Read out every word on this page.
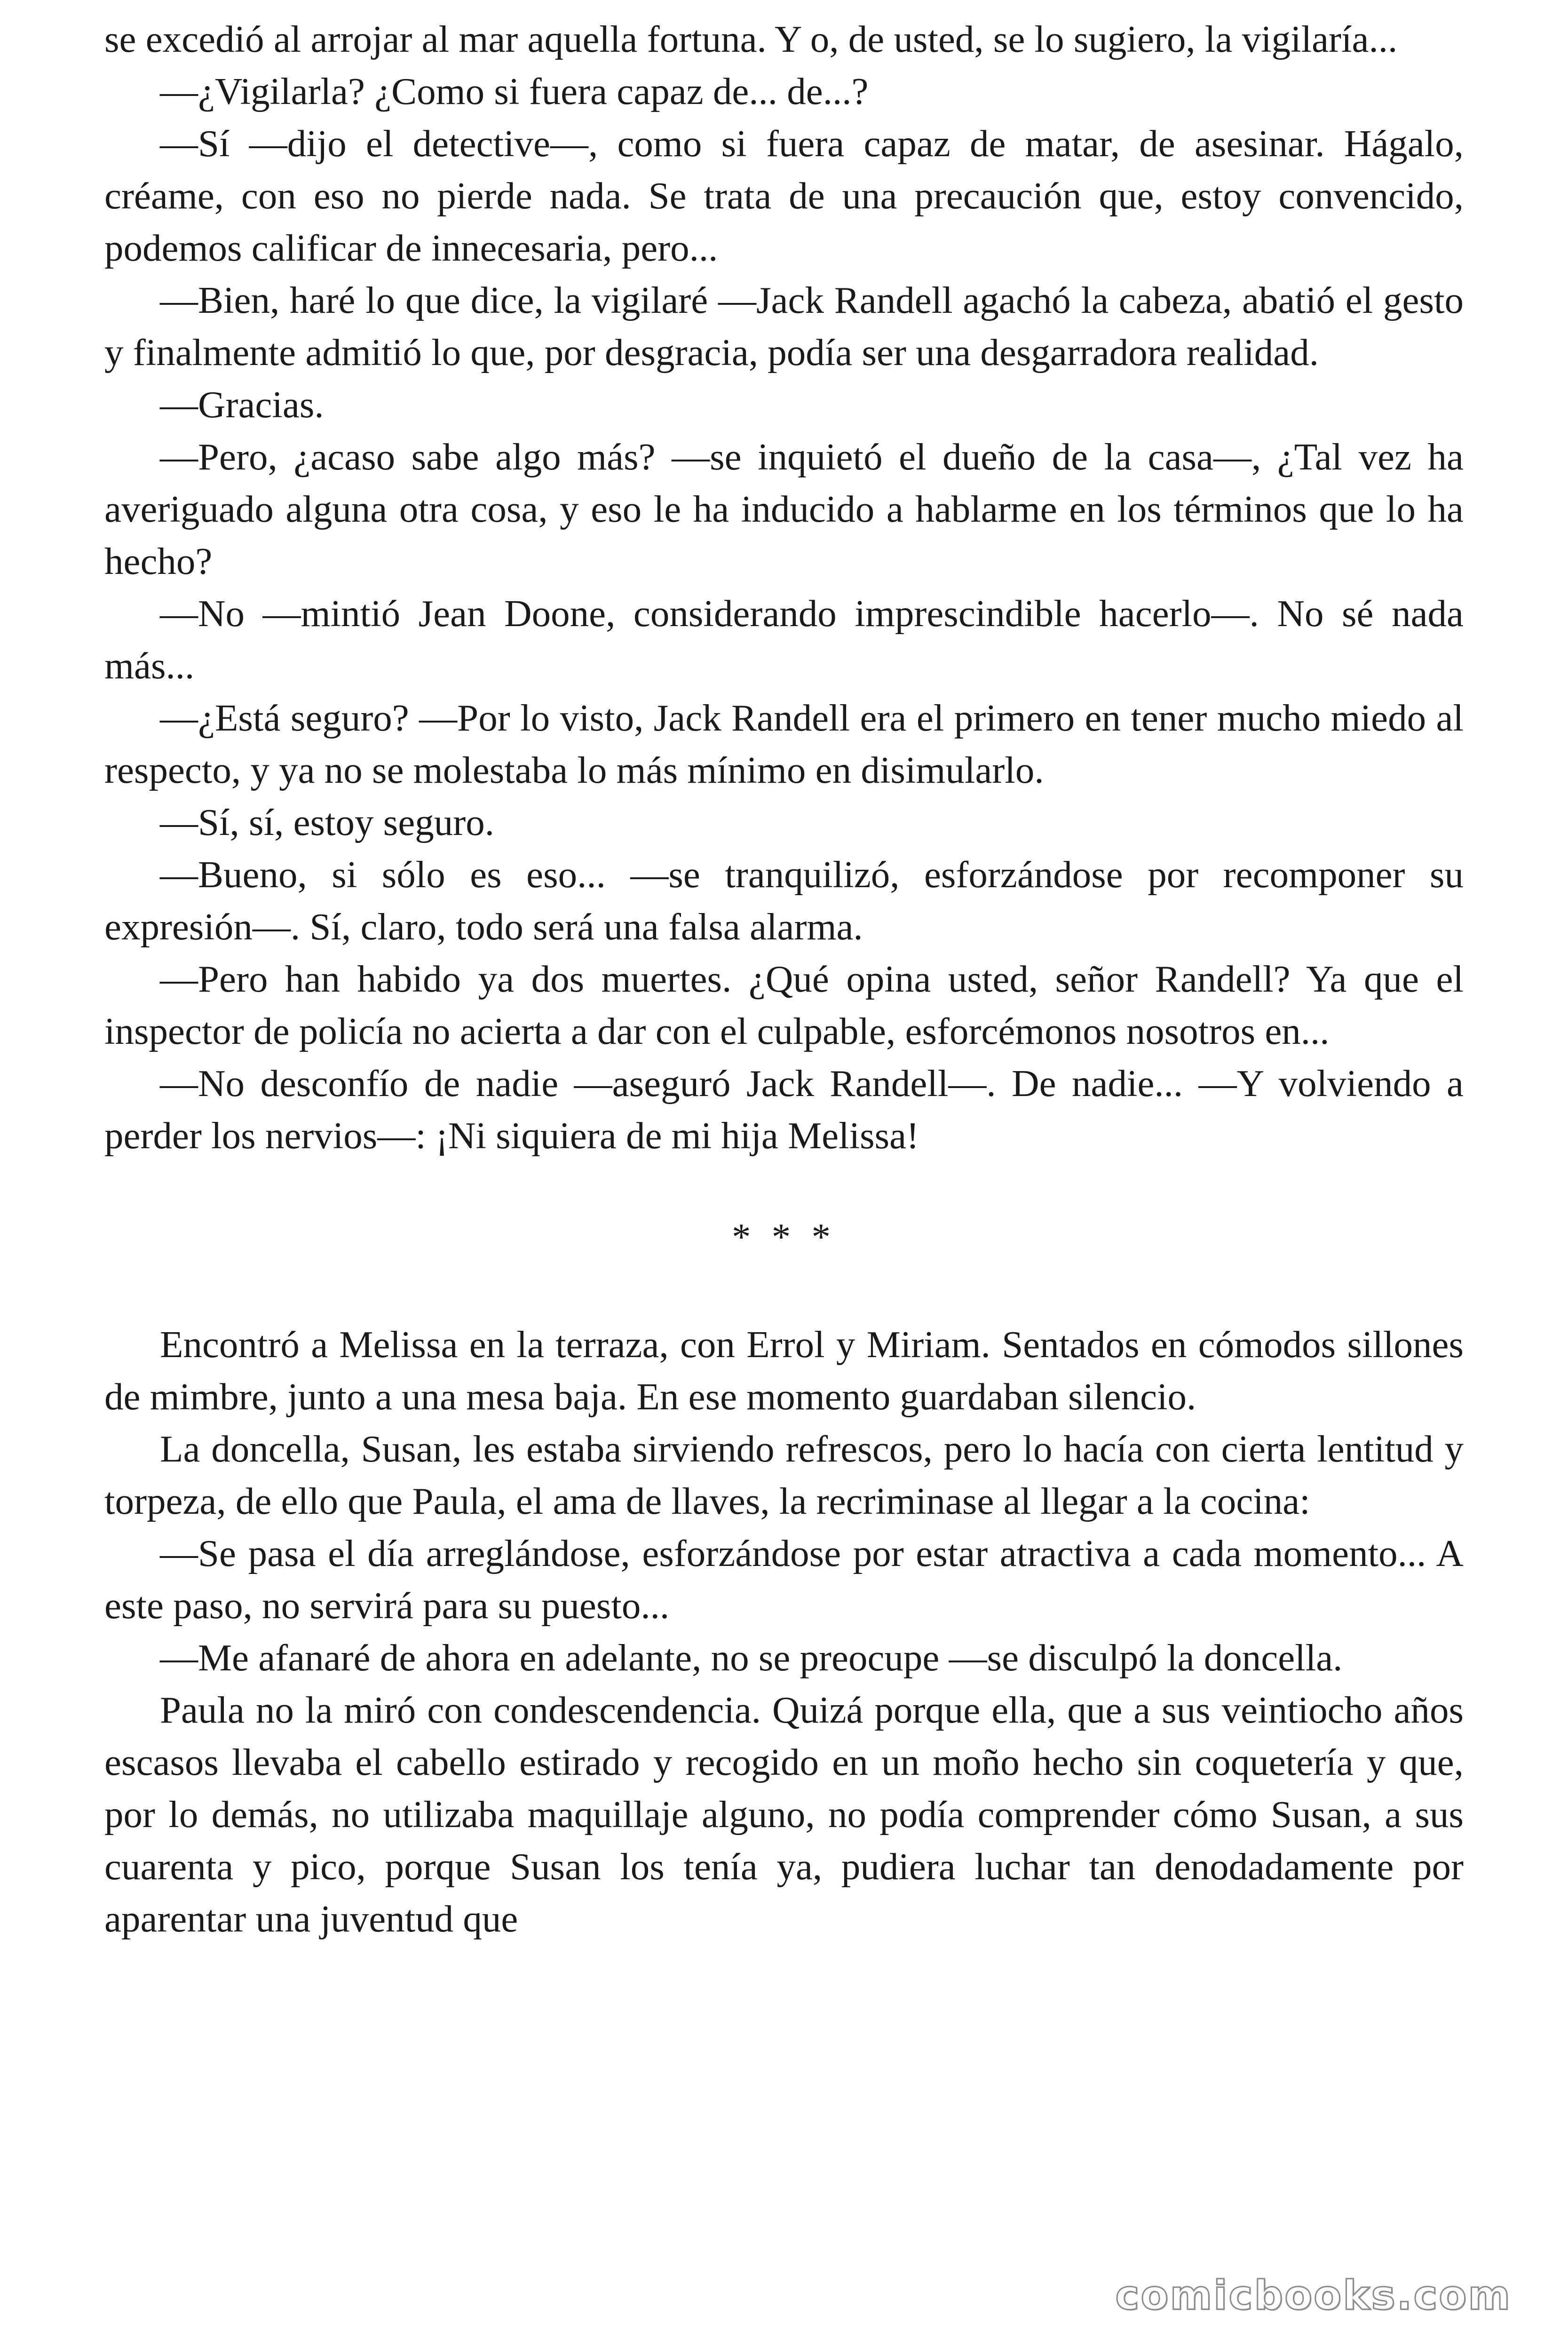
se excedió al arrojar al mar aquella fortuna. Y o, de usted, se lo sugiero, la vigilaría...

—¿Vigilarla? ¿Como si fuera capaz de... de...?

—Sí —dijo el detective—, como si fuera capaz de matar, de asesinar. Hágalo, créame, con eso no pierde nada. Se trata de una precaución que, estoy convencido, podemos calificar de innecesaria, pero...

—Bien, haré lo que dice, la vigilaré —Jack Randell agachó la cabeza, abatió el gesto y finalmente admitió lo que, por desgracia, podía ser una desgarradora realidad.

—Gracias.

—Pero, ¿acaso sabe algo más? —se inquietó el dueño de la casa—, ¿Tal vez ha averiguado alguna otra cosa, y eso le ha inducido a hablarme en los términos que lo ha hecho?

—No —mintió Jean Doone, considerando imprescindible hacerlo—. No sé nada más...

—¿Está seguro? —Por lo visto, Jack Randell era el primero en tener mucho miedo al respecto, y ya no se molestaba lo más mínimo en disimularlo.

—Sí, sí, estoy seguro.

—Bueno, si sólo es eso... —se tranquilizó, esforzándose por recomponer su expresión—. Sí, claro, todo será una falsa alarma.

—Pero han habido ya dos muertes. ¿Qué opina usted, señor Randell? Ya que el inspector de policía no acierta a dar con el culpable, esforcémonos nosotros en...

—No desconfío de nadie —aseguró Jack Randell—. De nadie... —Y volviendo a perder los nervios—: ¡Ni siquiera de mi hija Melissa!

* * *

Encontró a Melissa en la terraza, con Errol y Miriam. Sentados en cómodos sillones de mimbre, junto a una mesa baja. En ese momento guardaban silencio.

La doncella, Susan, les estaba sirviendo refrescos, pero lo hacía con cierta lentitud y torpeza, de ello que Paula, el ama de llaves, la recriminase al llegar a la cocina:

—Se pasa el día arreglándose, esforzándose por estar atractiva a cada momento... A este paso, no servirá para su puesto...

—Me afanaré de ahora en adelante, no se preocupe —se disculpó la doncella.

Paula no la miró con condescendencia. Quizá porque ella, que a sus veintiocho años escasos llevaba el cabello estirado y recogido en un moño hecho sin coquetería y que, por lo demás, no utilizaba maquillaje alguno, no podía comprender cómo Susan, a sus cuarenta y pico, porque Susan los tenía ya, pudiera luchar tan denodadamente por aparentar una juventud que

comicbooks.com
